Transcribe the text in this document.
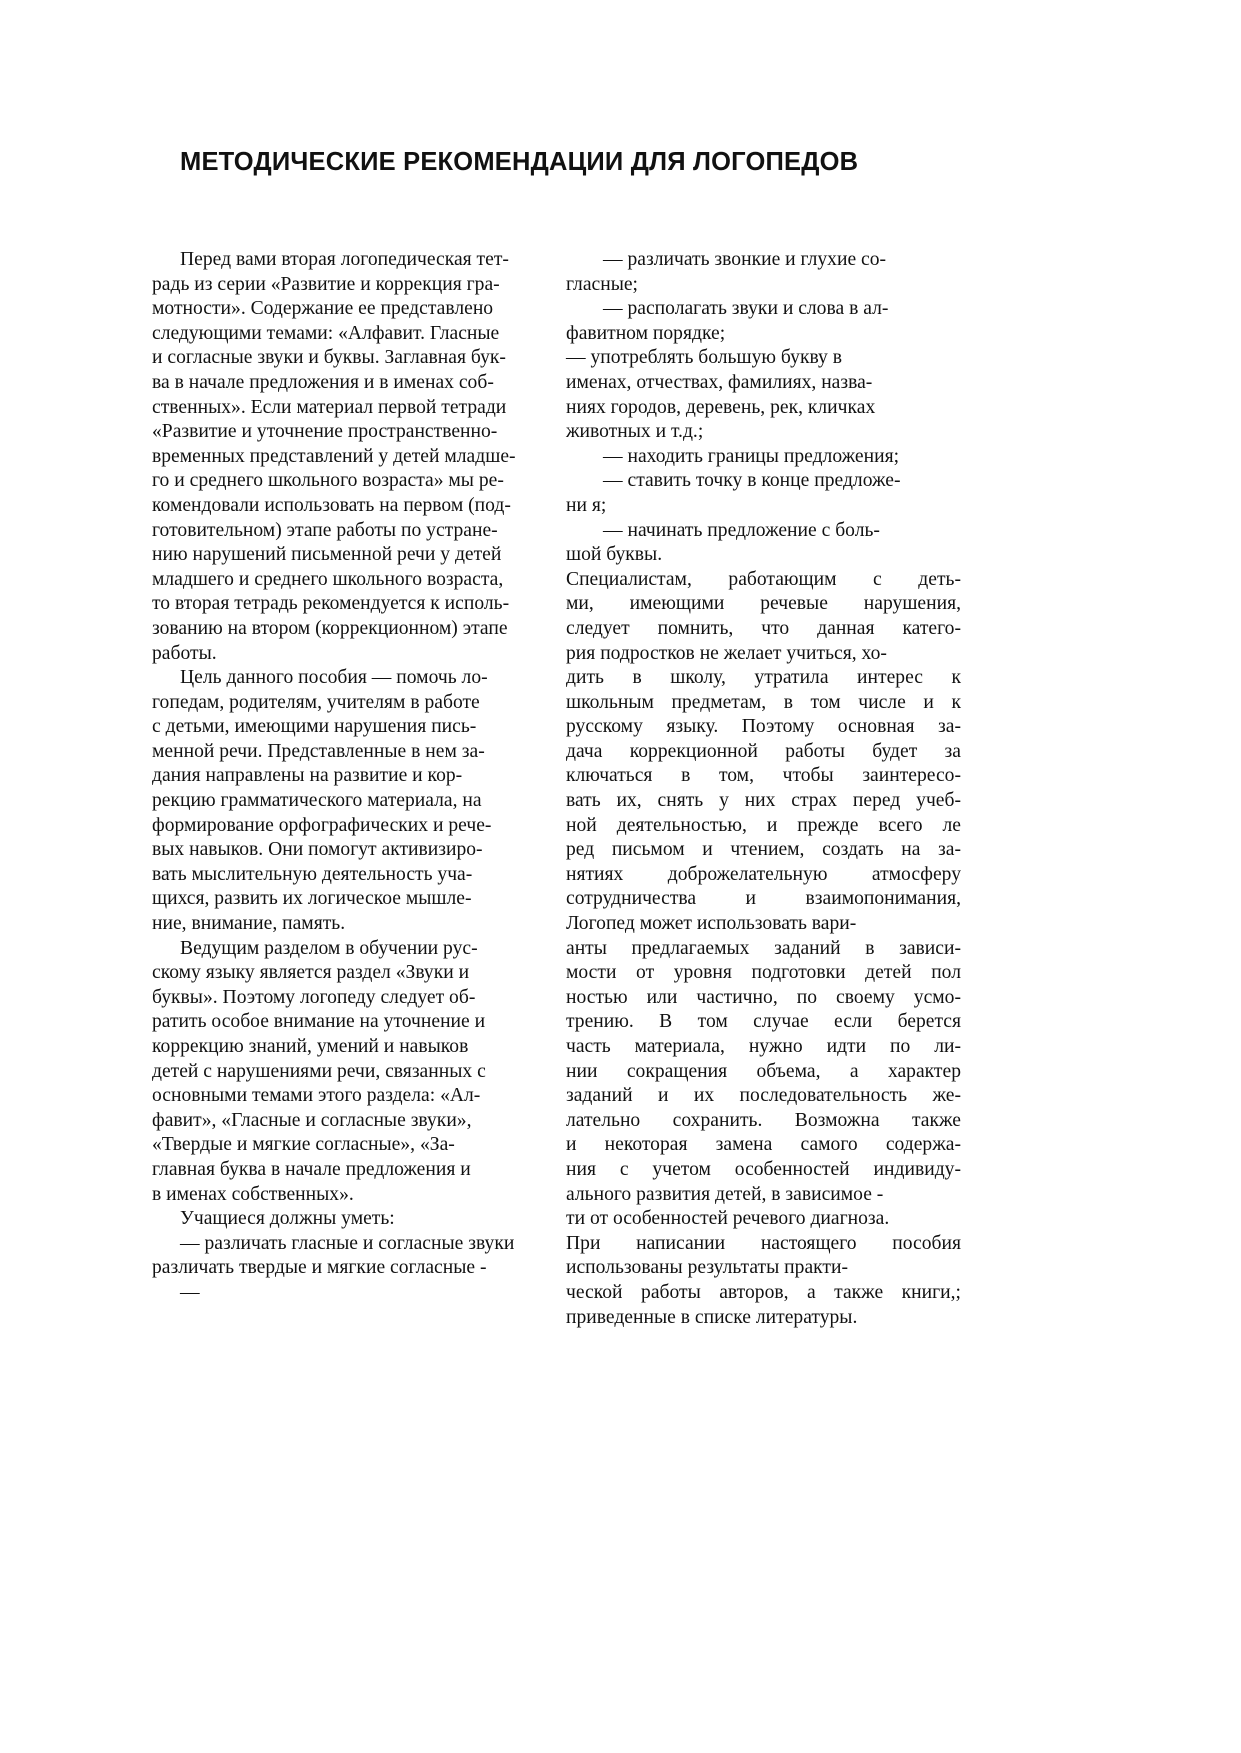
МЕТОДИЧЕСКИЕ РЕКОМЕНДАЦИИ ДЛЯ ЛОГОПЕДОВ
Перед вами вторая логопедическая тет-
радь из серии «Развитие и коррекция гра-
мотности». Содержание ее представлено
следующими темами: «Алфавит. Гласные
и согласные звуки и буквы. Заглавная бук-
ва в начале предложения и в именах соб-
ственных». Если материал первой тетради
«Развитие и уточнение пространственно-
временных представлений у детей младше-
го и среднего школьного возраста» мы ре-
комендовали использовать на первом (под-
готовительном) этапе работы по устране-
нию нарушений письменной речи у детей
младшего и среднего школьного возраста,
то вторая тетрадь рекомендуется к исполь-
зованию на втором (коррекционном) этапе
работы.
Цель данного пособия — помочь ло-
гопедам, родителям, учителям в работе
с детьми, имеющими нарушения пись-
менной речи. Представленные в нем за-
дания направлены на развитие и кор-
рекцию грамматического материала, на
формирование орфографических и рече-
вых навыков. Они помогут активизиро-
вать мыслительную деятельность уча-
щихся, развить их логическое мышле-
ние, внимание, память.
Ведущим разделом в обучении рус-
скому языку является раздел «Звуки и
буквы». Поэтому логопеду следует об-
ратить особое внимание на уточнение и
коррекцию знаний, умений и навыков
детей с нарушениями речи, связанных с
основными темами этого раздела: «Ал-
фавит», «Гласные и согласные звуки»,
«Твердые и мягкие согласные», «За-
главная буква в начале предложения и
в именах собственных».
Учащиеся должны уметь:
— различать гласные и согласные звуки
различать твердые и мягкие согласные -
—
— различать звонкие и глухие со-
гласные;
— располагать звуки и слова в ал-
фавитном порядке;
— употреблять большую букву в
именах, отчествах, фамилиях, назва-
ниях городов, деревень, рек, кличках
животных и т.д.;
— находить границы предложения;
— ставить точку в конце предложе-
ни я;
— начинать предложение с боль-
шой буквы.
Специалистам, работающим с деть-
ми, имеющими речевые нарушения,
следует помнить, что данная катего-
рия подростков не желает учиться, хо-
дить в школу, утратила интерес к
школьным предметам, в том числе и к
русскому языку. Поэтому основная за-
дача коррекционной работы будет за
ключаться в том, чтобы заинтересо-
вать их, снять у них страх перед учеб-
ной деятельностью, и прежде всего ле
ред письмом и чтением, создать на за-
нятиях доброжелательную атмосферу
сотрудничества и взаимопонимания,
Логопед может использовать вари-
анты предлагаемых заданий в зависи-
мости от уровня подготовки детей пол
ностью или частично, по своему усмо-
трению. В том случае если берется
часть материала, нужно идти по ли-
нии сокращения объема, а характер
заданий и их последовательность же-
лательно сохранить. Возможна также
и некоторая замена самого содержа-
ния с учетом особенностей индивиду-
ального развития детей, в зависимое -
ти от особенностей речевого диагноза.
При написании настоящего пособия
использованы результаты практи-
ческой работы авторов, а также книги,;
приведенные в списке литературы.
